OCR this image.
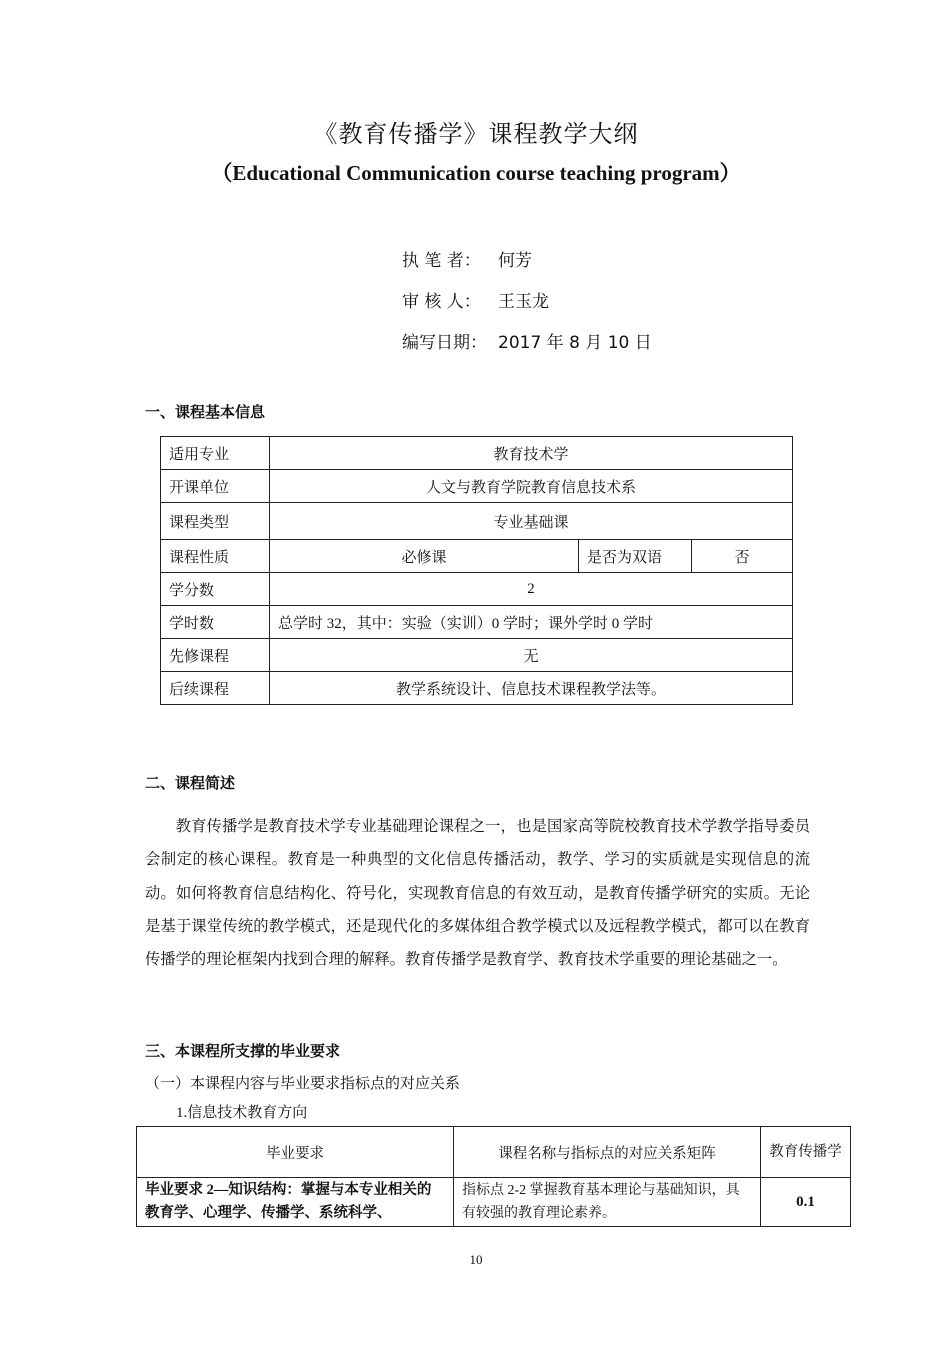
《教育传播学》课程教学大纲
（Educational Communication course teaching program）
执 笔 者： 何芳
审 核 人： 王玉龙
编写日期： 2017 年 8 月 10 日
一、课程基本信息
适用专业	教育技术学		
开课单位	人文与教育学院教育信息技术系		
课程类型	专业基础课		
课程性质	必修课	是否为双语	否
学分数	2		
学时数	总学时 32，其中：实验（实训）0 学时；课外学时 0 学时		
先修课程	无		
后续课程	教学系统设计、信息技术课程教学法等。		
二、课程简述
教育传播学是教育技术学专业基础理论课程之一，也是国家高等院校教育技术学教学指导委员会制定的核心课程。教育是一种典型的文化信息传播活动，教学、学习的实质就是实现信息的流动。如何将教育信息结构化、符号化，实现教育信息的有效互动，是教育传播学研究的实质。无论是基于课堂传统的教学模式，还是现代化的多媒体组合教学模式以及远程教学模式，都可以在教育传播学的理论框架内找到合理的解释。教育传播学是教育学、教育技术学重要的理论基础之一。
三、本课程所支撑的毕业要求
（一）本课程内容与毕业要求指标点的对应关系
1.信息技术教育方向
毕业要求	课程名称与指标点的对应关系矩阵	教育传播学
毕业要求 2—知识结构：掌握与本专业相关的教育学、心理学、传播学、系统科学、	指标点 2-2 掌握教育基本理论与基础知识，具有较强的教育理论素养。	0.1
10
